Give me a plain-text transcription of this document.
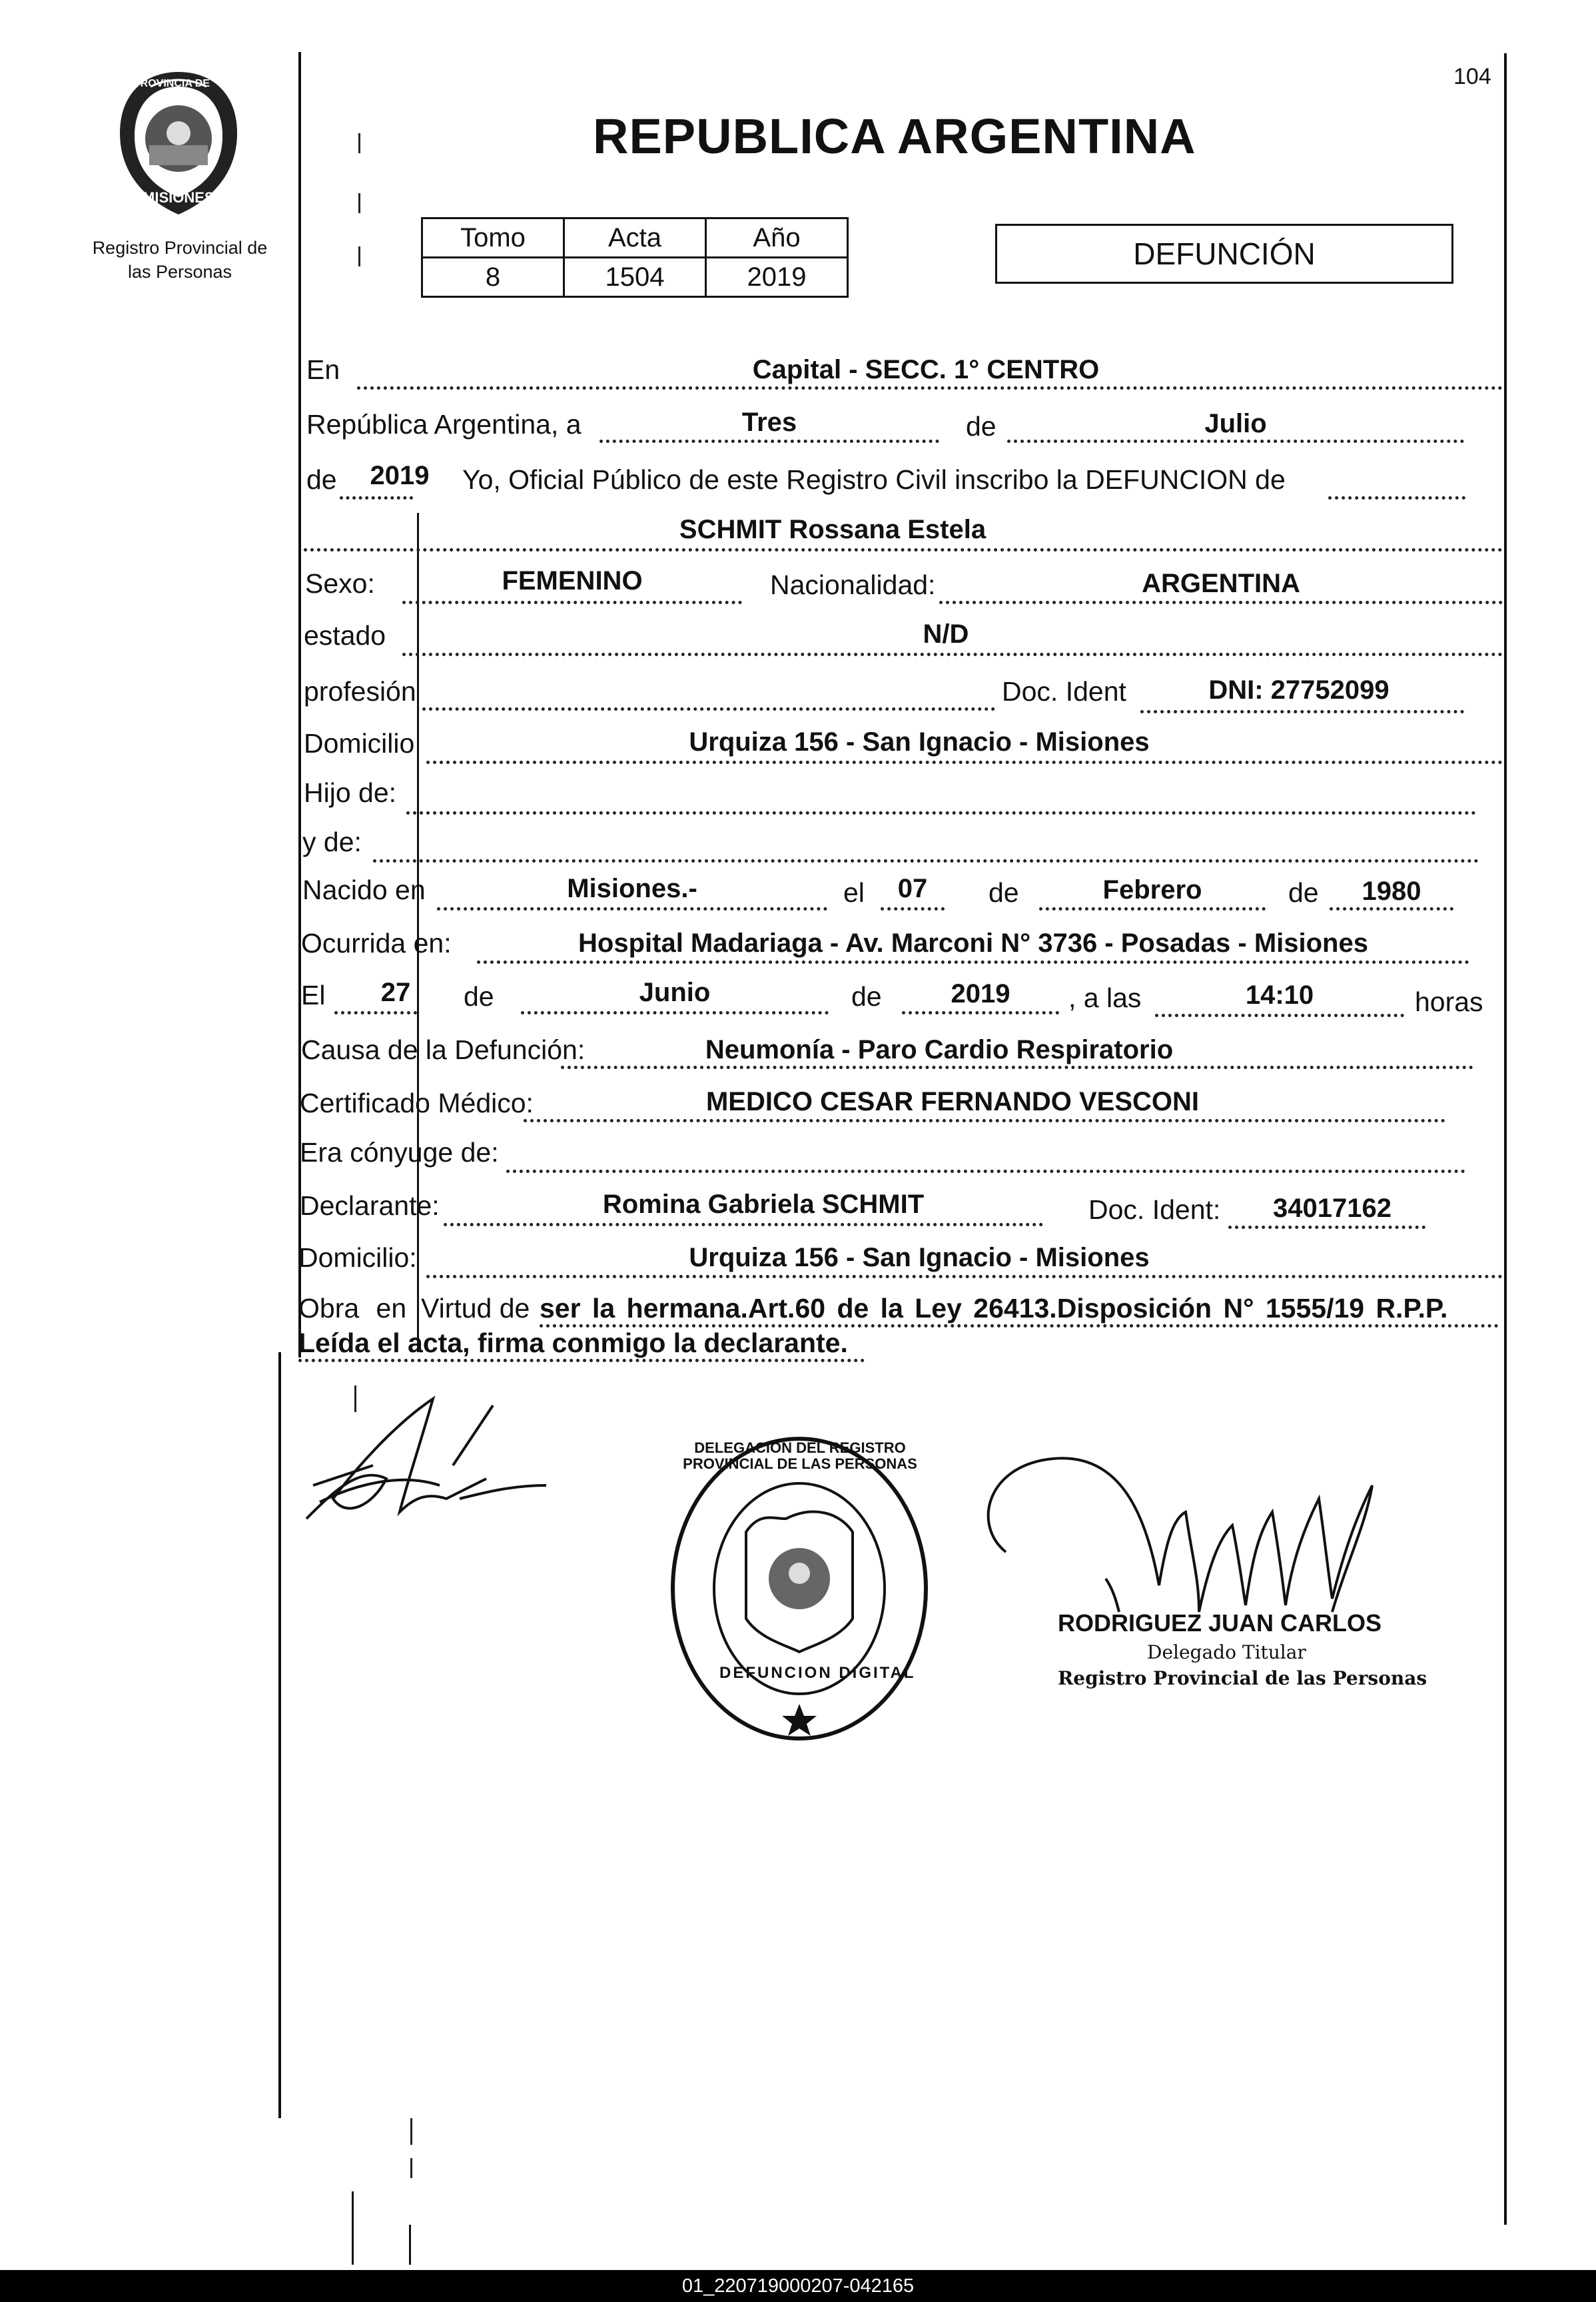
PROVINCIA DE
MISIONES
Registro Provincial de
las Personas
104
REPUBLICA ARGENTINA
Tomo	Acta	Año
8	1504	2019
DEFUNCIÓN
En	Capital - SECC. 1° CENTRO
República Argentina, a	Tres	de	Julio
de	2019	Yo, Oficial Público de este Registro Civil inscribo la DEFUNCION de
SCHMIT Rossana Estela
Sexo:	FEMENINO	Nacionalidad:	ARGENTINA
estado	N/D
profesión	Doc. Ident	DNI: 27752099
Domicilio	Urquiza 156 - San Ignacio - Misiones
Hijo de:
y de:
Nacido en	Misiones.-	el	07	de	Febrero	de	1980
Ocurrida en:	Hospital Madariaga - Av. Marconi N° 3736 - Posadas - Misiones
El	27	de	Junio	de	2019	, a las	14:10	horas
Causa de la Defunción:	Neumonía - Paro Cardio Respiratorio
Certificado Médico:	MEDICO CESAR FERNANDO VESCONI
Era cónyuge de:
Declarante:	Romina Gabriela SCHMIT	Doc. Ident:	34017162
Domicilio:	Urquiza 156 - San Ignacio - Misiones
Obra en Virtud de ser la hermana.Art.60 de la Ley 26413.Disposición N° 1555/19 R.P.P.
Leída el acta, firma conmigo la declarante.
DELEGACION DEL REGISTRO PROVINCIAL DE LAS PERSONAS
DEFUNCION DIGITAL
RODRIGUEZ JUAN CARLOS
Delegado Titular
Registro Provincial de las Personas
01_220719000207-042165
